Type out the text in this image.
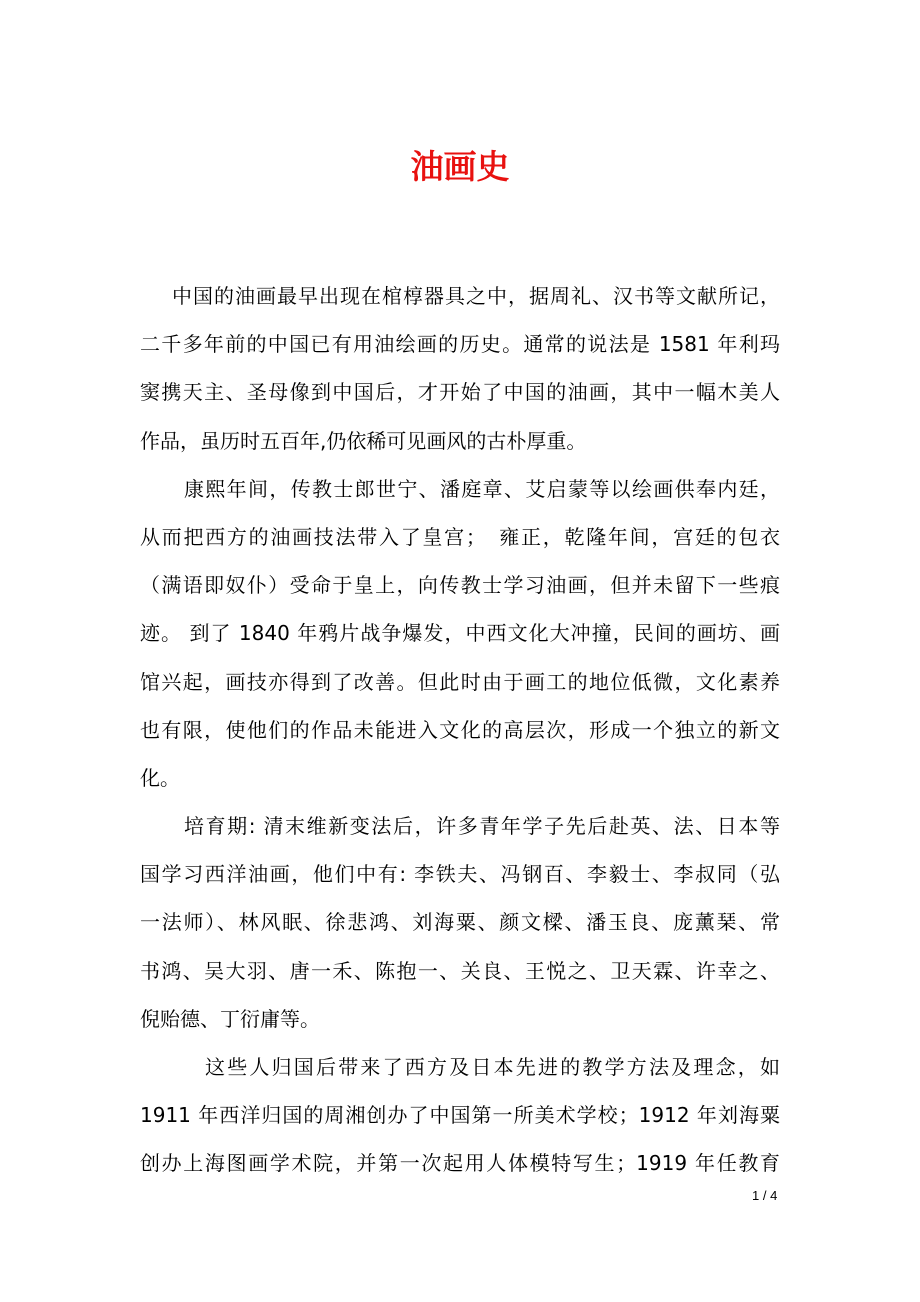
油画史
中国的油画最早出现在棺椁器具之中，据周礼、汉书等文献所记，
二千多年前的中国已有用油绘画的历史。通常的说法是 1581 年利玛
窦携天主、圣母像到中国后，才开始了中国的油画，其中一幅木美人
作品，虽历时五百年,仍依稀可见画风的古朴厚重。
康熙年间，传教士郎世宁、潘庭章、艾启蒙等以绘画供奉内廷，
从而把西方的油画技法带入了皇宫；　雍正，乾隆年间，宫廷的包衣
（满语即奴仆）受命于皇上，向传教士学习油画，但并未留下一些痕
迹。 到了 1840 年鸦片战争爆发，中西文化大冲撞，民间的画坊、画
馆兴起，画技亦得到了改善。但此时由于画工的地位低微，文化素养
也有限，使他们的作品未能进入文化的高层次，形成一个独立的新文
化。
培育期: 清末维新变法后，许多青年学子先后赴英、法、日本等
国学习西洋油画，他们中有: 李铁夫、冯钢百、李毅士、李叔同（弘
一法师）、林风眠、徐悲鸿、刘海粟、颜文樑、潘玉良、庞薰琹、常
书鸿、吴大羽、唐一禾、陈抱一、关良、王悦之、卫天霖、许幸之、
倪贻德、丁衍庸等。
这些人归国后带来了西方及日本先进的教学方法及理念，如
1911 年西洋归国的周湘创办了中国第一所美术学校；1912 年刘海粟
创办上海图画学术院，并第一次起用人体模特写生；1919 年任教育
1 / 4
